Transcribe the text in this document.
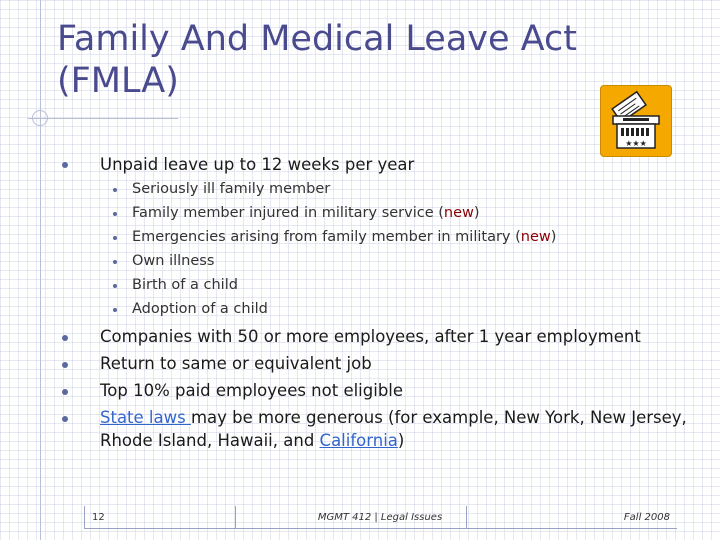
Family And Medical Leave Act
(FMLA)
★★★
Unpaid leave up to 12 weeks per year
Seriously ill family member
Family member injured in military service (new)
Emergencies arising from family member in military (new)
Own illness
Birth of a child
Adoption of a child
Companies with 50 or more employees, after 1 year employment
Return to same or equivalent job
Top 10% paid employees not eligible
State laws may be more generous (for example, New York, New Jersey,
Rhode Island, Hawaii, and California)
12	MGMT 412 | Legal Issues	Fall 2008
